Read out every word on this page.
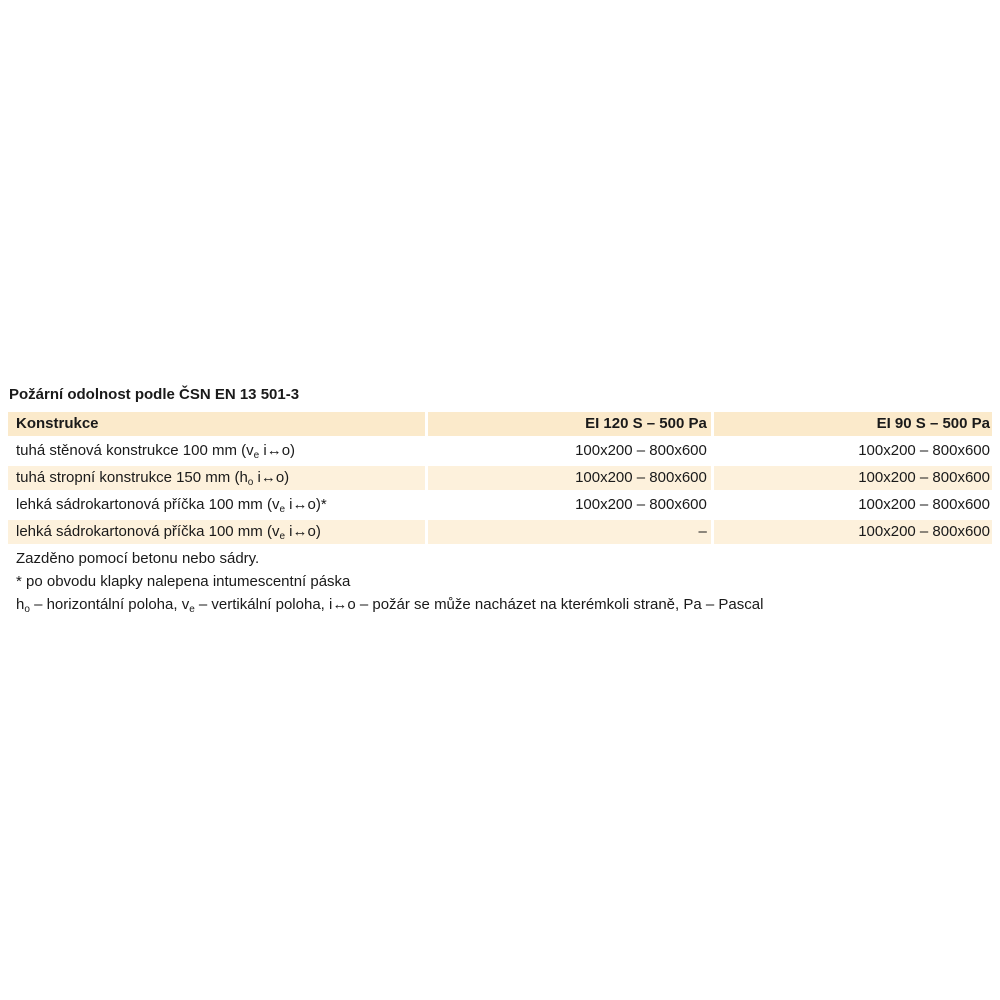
Požární odolnost podle ČSN EN 13 501-3
Konstrukce	EI 120 S – 500 Pa	EI 90 S – 500 Pa
tuhá stěnová konstrukce 100 mm ($v_e$ i↔o)	100x200 – 800x600	100x200 – 800x600
tuhá stropní konstrukce 150 mm ($h_o$ i↔o)	100x200 – 800x600	100x200 – 800x600
lehká sádrokartonová příčka 100 mm ($v_e$ i↔o)*	100x200 – 800x600	100x200 – 800x600
lehká sádrokartonová příčka 100 mm ($v_e$ i↔o)	–	100x200 – 800x600
Zazděno pomocí betonu nebo sádry.
* po obvodu klapky nalepena intumescentní páska
$h_o$ – horizontální poloha, $v_e$ – vertikální poloha, i↔o – požár se může nacházet na kterémkoli straně, Pa – Pascal
